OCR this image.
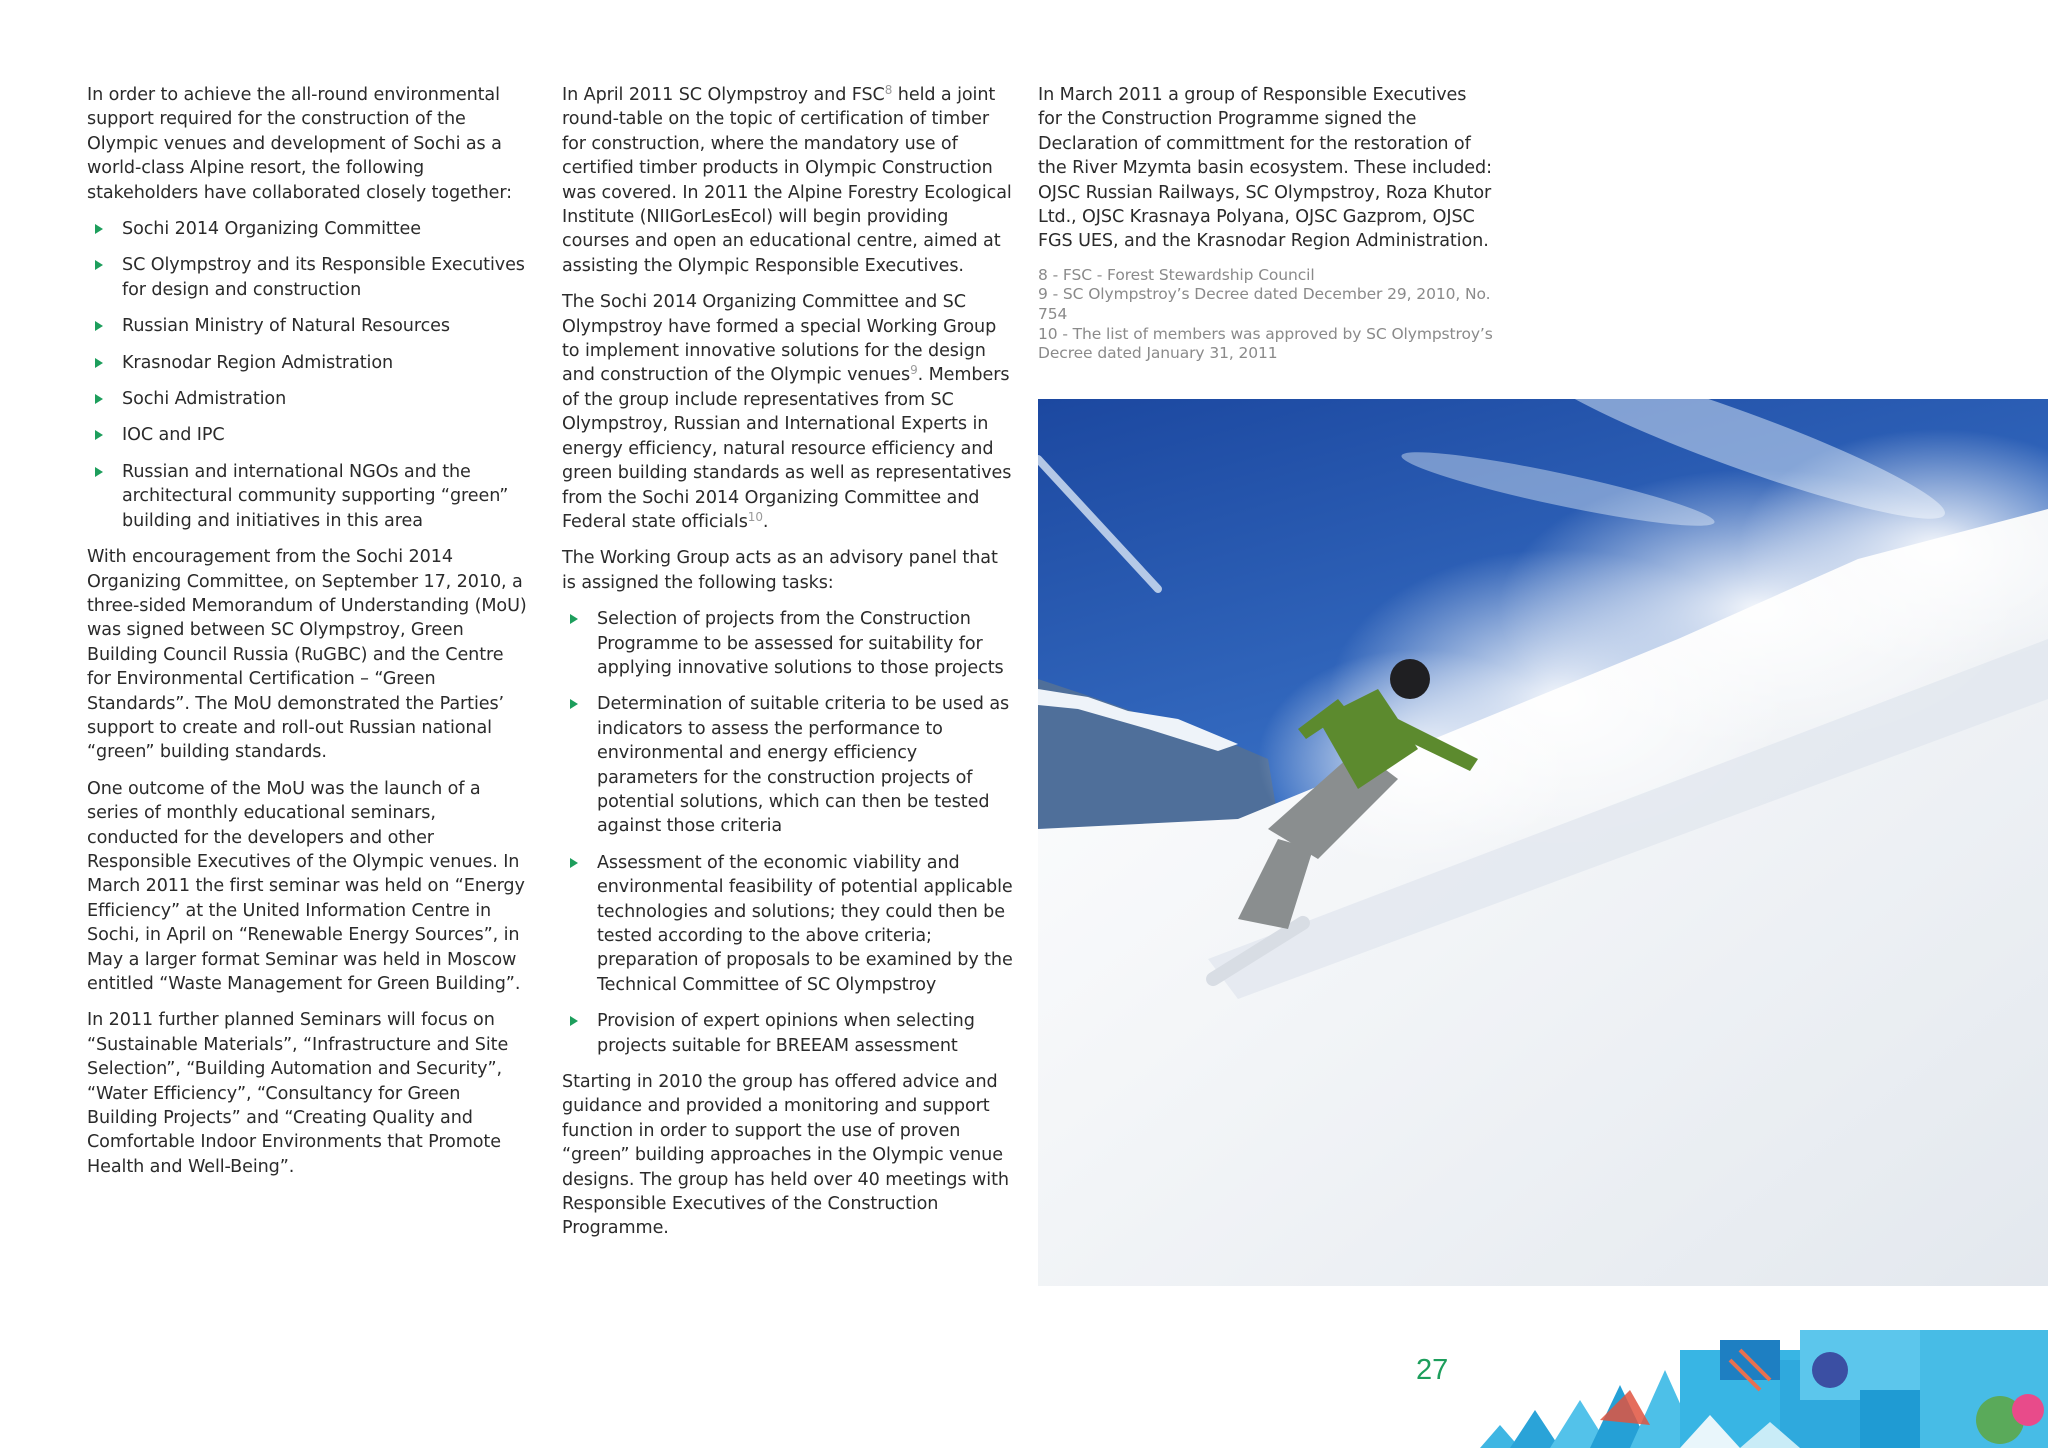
In order to achieve the all-round environmental support required for the construction of the Olympic venues and development of Sochi as a world-class Alpine resort, the following stakeholders have collaborated closely together:

Sochi 2014 Organizing Committee
SC Olympstroy and its Responsible Executives for design and construction
Russian Ministry of Natural Resources
Krasnodar Region Admistration
Sochi Admistration
IOC and IPC
Russian and international NGOs and the architectural community supporting “green” building and initiatives in this area

With encouragement from the Sochi 2014 Organizing Committee, on September 17, 2010, a three-sided Memorandum of Understanding (MoU) was signed between SC Olympstroy, Green Building Council Russia (RuGBC) and the Centre for Environmental Certification – “Green Standards”. The MoU demonstrated the Parties’ support to create and roll-out Russian national “green” building standards.

One outcome of the MoU was the launch of a series of monthly educational seminars, conducted for the developers and other Responsible Executives of the Olympic venues. In March 2011 the first seminar was held on “Energy Efficiency” at the United Information Centre in Sochi, in April on “Renewable Energy Sources”, in May a larger format Seminar was held in Moscow entitled “Waste Management for Green Building”.

In 2011 further planned Seminars will focus on “Sustainable Materials”, “Infrastructure and Site Selection”, “Building Automation and Security”, “Water Efficiency”, “Consultancy for Green Building Projects” and “Creating Quality and Comfortable Indoor Environments that Promote Health and Well-Being”.

In April 2011 SC Olympstroy and FSC$^8$ held a joint round-table on the topic of certification of timber for construction, where the mandatory use of certified timber products in Olympic Construction was covered. In 2011 the Alpine Forestry Ecological Institute (NIIGorLesEcol) will begin providing courses and open an educational centre, aimed at assisting the Olympic Responsible Executives.

The Sochi 2014 Organizing Committee and SC Olympstroy have formed a special Working Group to implement innovative solutions for the design and construction of the Olympic venues$^9$. Members of the group include representatives from SC Olympstroy, Russian and International Experts in energy efficiency, natural resource efficiency and green building standards as well as representatives from the Sochi 2014 Organizing Committee and Federal state officials$^{10}$.

The Working Group acts as an advisory panel that is assigned the following tasks:

Selection of projects from the Construction Programme to be assessed for suitability for applying innovative solutions to those projects
Determination of suitable criteria to be used as indicators to assess the performance to environmental and energy efficiency parameters for the construction projects of potential solutions, which can then be tested against those criteria
Assessment of the economic viability and environmental feasibility of potential applicable technologies and solutions; they could then be tested according to the above criteria; preparation of proposals to be examined by the Technical Committee of SC Olympstroy
Provision of expert opinions when selecting projects suitable for BREEAM assessment

Starting in 2010 the group has offered advice and guidance and provided a monitoring and support function in order to support the use of proven “green” building approaches in the Olympic venue designs. The group has held over 40 meetings with Responsible Executives of the Construction Programme.

In March 2011 a group of Responsible Executives for the Construction Programme signed the Declaration of committment for the restoration of the River Mzymta basin ecosystem. These included: OJSC Russian Railways, SC Olympstroy, Roza Khutor Ltd., OJSC Krasnaya Polyana, OJSC Gazprom, OJSC FGS UES, and the Krasnodar Region Administration.

8 - FSC - Forest Stewardship Council
9 - SC Olympstroy’s Decree dated December 29, 2010, No. 754
10 - The list of members was approved by SC Olympstroy’s Decree dated January 31, 2011
27
